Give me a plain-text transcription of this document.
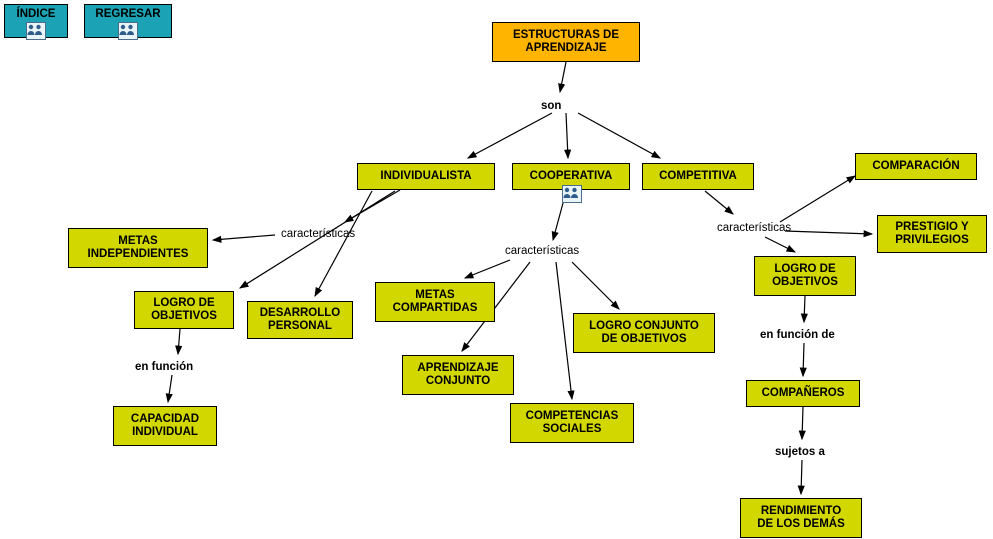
ÍNDICE	REGRESAR
ESTRUCTURAS DE
APRENDIZAJE
INDIVIDUALISTA	COOPERATIVA	COMPETITIVA
COMPARACIÓN
PRESTIGIO Y
PRIVILEGIOS
METAS
INDEPENDIENTES
LOGRO DE
OBJETIVOS	DESARROLLO
PERSONAL
CAPACIDAD
INDIVIDUAL
METAS
COMPARTIDAS
APRENDIZAJE
CONJUNTO
COMPETENCIAS
SOCIALES
LOGRO CONJUNTO
DE OBJETIVOS
LOGRO DE
OBJETIVOS
COMPAÑEROS
RENDIMIENTO
DE LOS DEMÁS
son
características
características
características
en función
en función de
sujetos a
